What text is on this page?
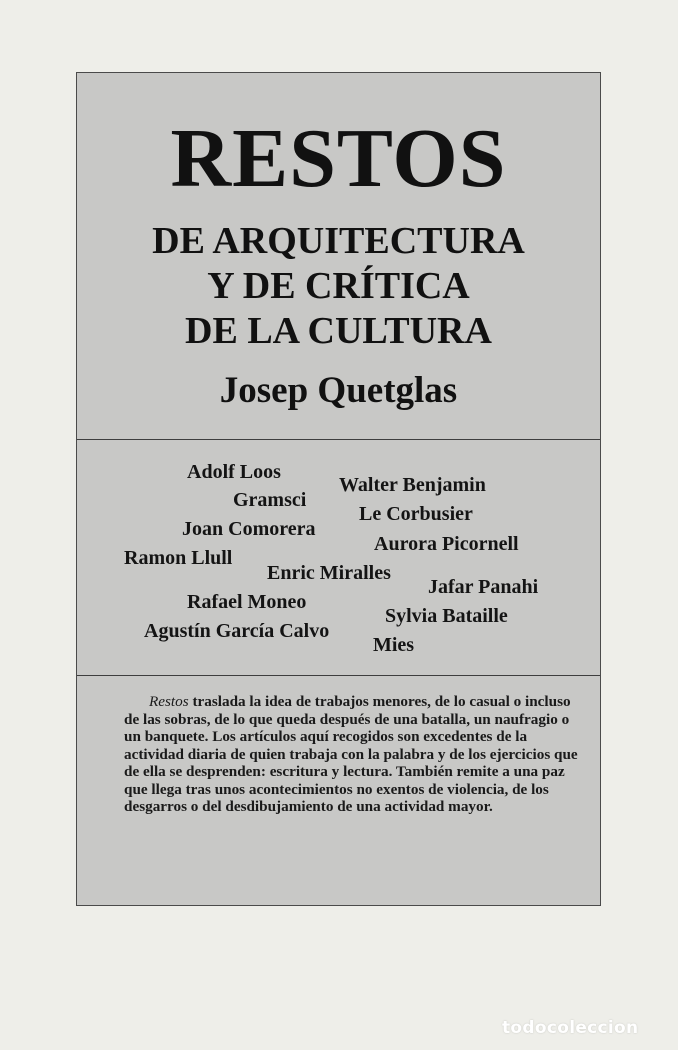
RESTOS
DE ARQUITECTURA
Y DE CRÍTICA
DE LA CULTURA
Josep Quetglas
Adolf Loos
Walter Benjamin
Gramsci
Le Corbusier
Joan Comorera
Aurora Picornell
Ramon Llull
Enric Miralles
Jafar Panahi
Rafael Moneo
Sylvia Bataille
Agustín García Calvo
Mies

Restos traslada la idea de trabajos menores, de lo casual o incluso de las sobras, de lo que queda después de una batalla, un naufragio o un banquete. Los artículos aquí recogidos son excedentes de la actividad diaria de quien trabaja con la palabra y de los ejercicios que de ella se desprenden: escritura y lectura. También remite a una paz que llega tras unos acontecimientos no exentos de violencia, de los desgarros o del desdibujamiento de una actividad mayor.

todocoleccion
